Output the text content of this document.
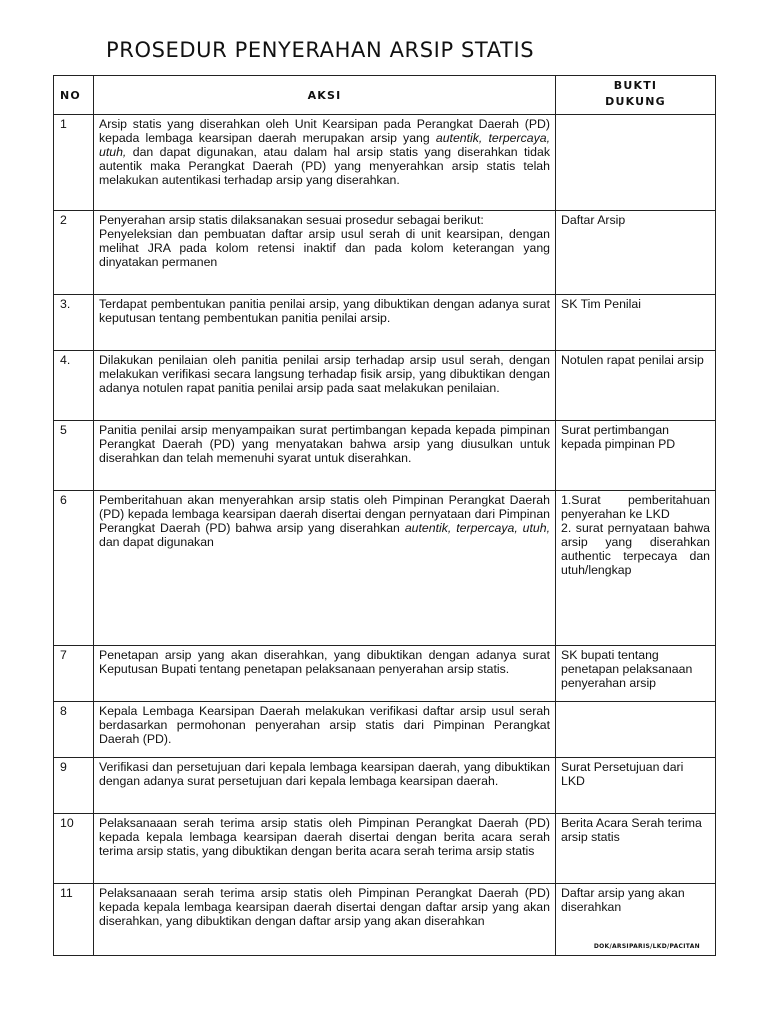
PROSEDUR PENYERAHAN ARSIP STATIS
NO	AKSI	BUKTI
DUKUNG

1	Arsip statis yang diserahkan oleh Unit Kearsipan pada Perangkat Daerah (PD) kepada lembaga kearsipan daerah merupakan arsip yang autentik, terpercaya, utuh, dan dapat digunakan, atau dalam hal arsip statis yang diserahkan tidak autentik maka Perangkat Daerah (PD) yang menyerahkan arsip statis telah melakukan autentikasi terhadap arsip yang diserahkan.	
2	Penyerahan arsip statis dilaksanakan sesuai prosedur sebagai berikut:
Penyeleksian dan pembuatan daftar arsip usul serah di unit kearsipan, dengan melihat JRA pada kolom retensi inaktif dan pada kolom keterangan yang dinyatakan permanen	Daftar Arsip
3.	Terdapat pembentukan panitia penilai arsip, yang dibuktikan dengan adanya surat keputusan tentang pembentukan panitia penilai arsip.	SK Tim Penilai
4.	Dilakukan penilaian oleh panitia penilai arsip terhadap arsip usul serah, dengan melakukan verifikasi secara langsung terhadap fisik arsip, yang dibuktikan dengan adanya notulen rapat panitia penilai arsip pada saat melakukan penilaian.	Notulen rapat penilai arsip
5	Panitia penilai arsip menyampaikan surat pertimbangan kepada kepada pimpinan Perangkat Daerah (PD) yang menyatakan bahwa arsip yang diusulkan untuk diserahkan dan telah memenuhi syarat untuk diserahkan.	Surat pertimbangan kepada pimpinan PD
6	Pemberitahuan akan menyerahkan arsip statis oleh Pimpinan Perangkat Daerah (PD) kepada lembaga kearsipan daerah disertai dengan pernyataan dari Pimpinan Perangkat Daerah (PD) bahwa arsip yang diserahkan autentik, terpercaya, utuh, dan dapat digunakan	1.Surat pemberitahuan penyerahan ke LKD
2. surat pernyataan bahwa arsip yang diserahkan authentic terpecaya dan utuh/lengkap

7	Penetapan arsip yang akan diserahkan, yang dibuktikan dengan adanya surat Keputusan Bupati tentang penetapan pelaksanaan penyerahan arsip statis.	SK bupati tentang penetapan pelaksanaan penyerahan arsip
8	Kepala Lembaga Kearsipan Daerah melakukan verifikasi daftar arsip usul serah berdasarkan permohonan penyerahan arsip statis dari Pimpinan Perangkat Daerah (PD).	
9	Verifikasi dan persetujuan dari kepala lembaga kearsipan daerah, yang dibuktikan dengan adanya surat persetujuan dari kepala lembaga kearsipan daerah.	Surat Persetujuan dari LKD
10	Pelaksanaaan serah terima arsip statis oleh Pimpinan Perangkat Daerah (PD) kepada kepala lembaga kearsipan daerah disertai dengan berita acara serah terima arsip statis, yang dibuktikan dengan berita acara serah terima arsip statis	Berita Acara Serah terima arsip statis
11	Pelaksanaaan serah terima arsip statis oleh Pimpinan Perangkat Daerah (PD) kepada kepala lembaga kearsipan daerah disertai dengan daftar arsip yang akan diserahkan, yang dibuktikan dengan daftar arsip yang akan diserahkan	Daftar arsip yang akan diserahkan
DOK/ARSIPARIS/LKD/PACITAN
